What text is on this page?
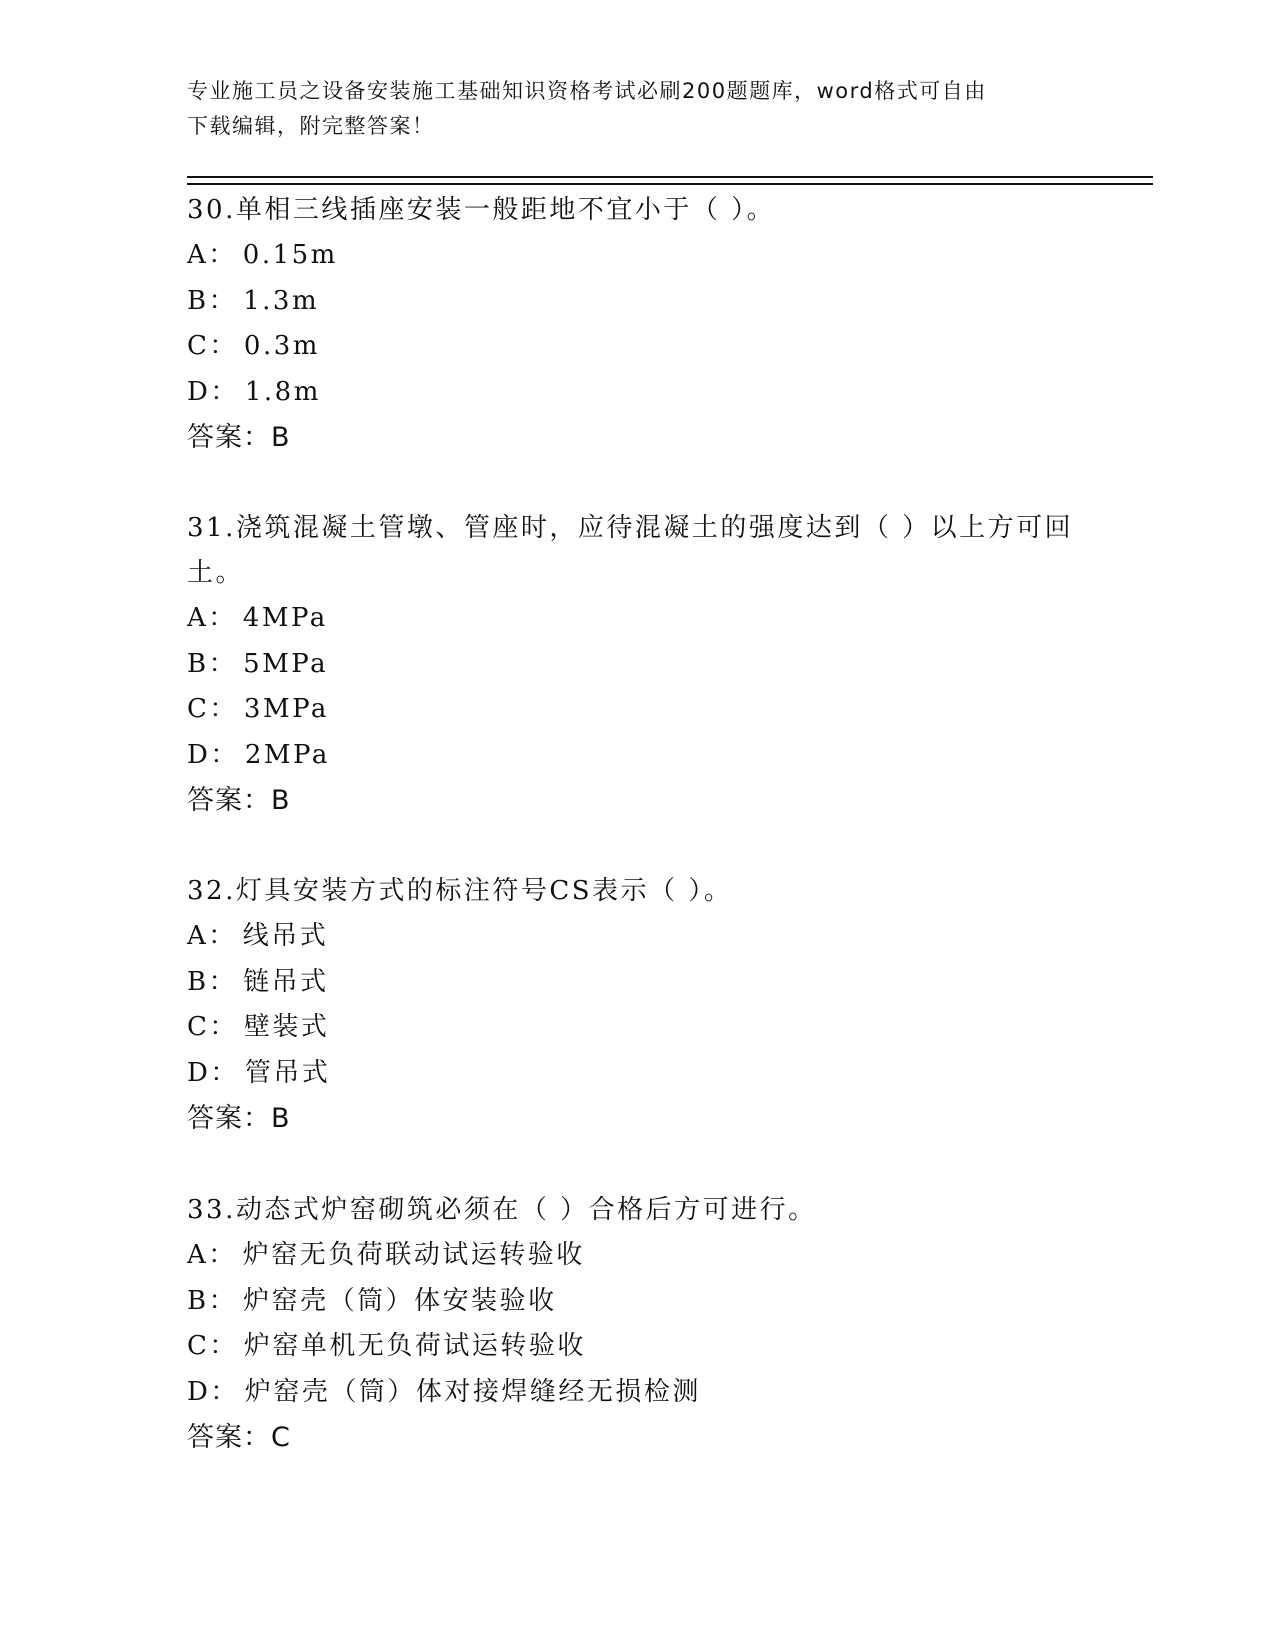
专业施工员之设备安装施工基础知识资格考试必刷200题题库，word格式可自由
下载编辑，附完整答案！

30.单相三线插座安装一般距地不宜小于（ ）。

A： 0.15m

B： 1.3m

C： 0.3m

D： 1.8m

答案：B

31.浇筑混凝土管墩、管座时，应待混凝土的强度达到（ ）以上方可回土。

A： 4MPa

B： 5MPa

C： 3MPa

D： 2MPa

答案：B

32.灯具安装方式的标注符号CS表示（ ）。

A： 线吊式

B： 链吊式

C： 壁装式

D： 管吊式

答案：B

33.动态式炉窑砌筑必须在（ ）合格后方可进行。

A： 炉窑无负荷联动试运转验收

B： 炉窑壳（筒）体安装验收

C： 炉窑单机无负荷试运转验收

D： 炉窑壳（筒）体对接焊缝经无损检测

答案：C
